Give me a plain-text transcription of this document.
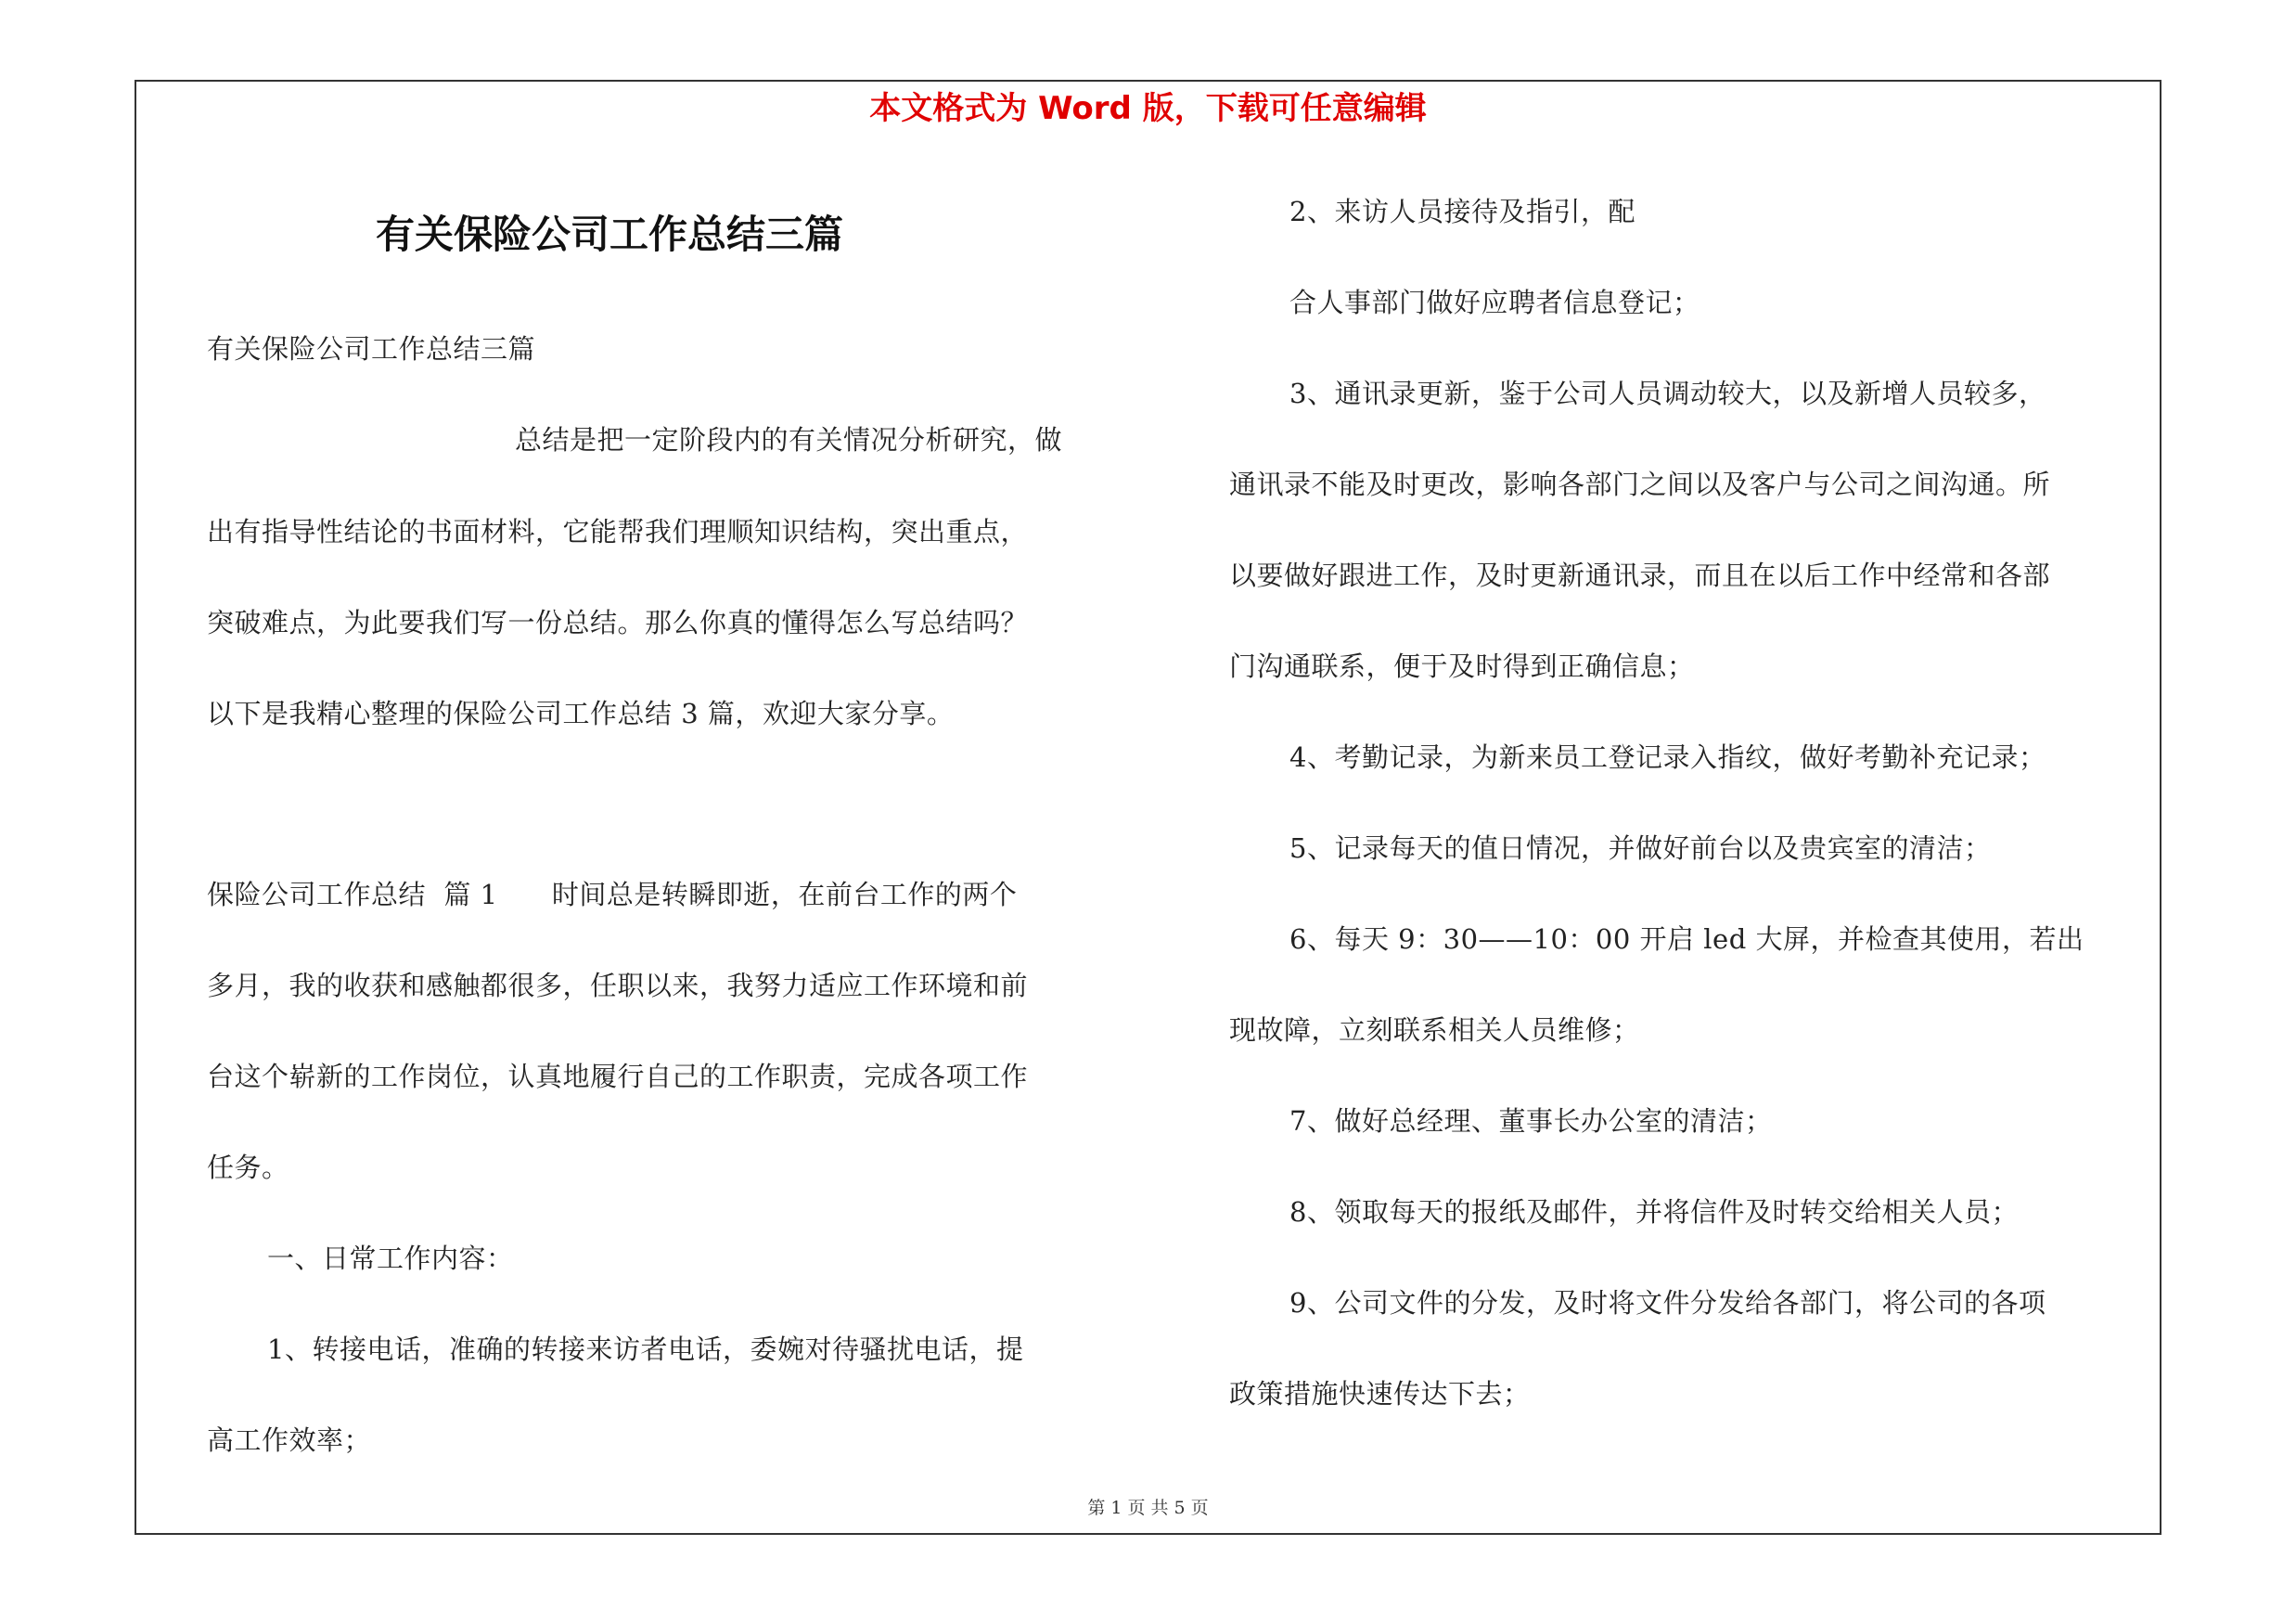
本文格式为 Word 版，下载可任意编辑
有关保险公司工作总结三篇
有关保险公司工作总结三篇
总结是把一定阶段内的有关情况分析研究，做
出有指导性结论的书面材料，它能帮我们理顺知识结构，突出重点，
突破难点，为此要我们写一份总结。那么你真的懂得怎么写总结吗？
以下是我精心整理的保险公司工作总结 3 篇，欢迎大家分享。
保险公司工作总结  篇 1      时间总是转瞬即逝，在前台工作的两个
多月，我的收获和感触都很多，任职以来，我努力适应工作环境和前
台这个崭新的工作岗位，认真地履行自己的工作职责，完成各项工作
任务。
一、日常工作内容：
1、转接电话，准确的转接来访者电话，委婉对待骚扰电话，提
高工作效率；
2、来访人员接待及指引，配
合人事部门做好应聘者信息登记；
3、通讯录更新，鉴于公司人员调动较大，以及新增人员较多，
通讯录不能及时更改，影响各部门之间以及客户与公司之间沟通。所
以要做好跟进工作，及时更新通讯录，而且在以后工作中经常和各部
门沟通联系，便于及时得到正确信息；
4、考勤记录，为新来员工登记录入指纹，做好考勤补充记录；
5、记录每天的值日情况，并做好前台以及贵宾室的清洁；
6、每天 9：30——10：00 开启 led 大屏，并检查其使用，若出
现故障，立刻联系相关人员维修；
7、做好总经理、董事长办公室的清洁；
8、领取每天的报纸及邮件，并将信件及时转交给相关人员；
9、公司文件的分发，及时将文件分发给各部门，将公司的各项
政策措施快速传达下去；
第 1 页 共 5 页
